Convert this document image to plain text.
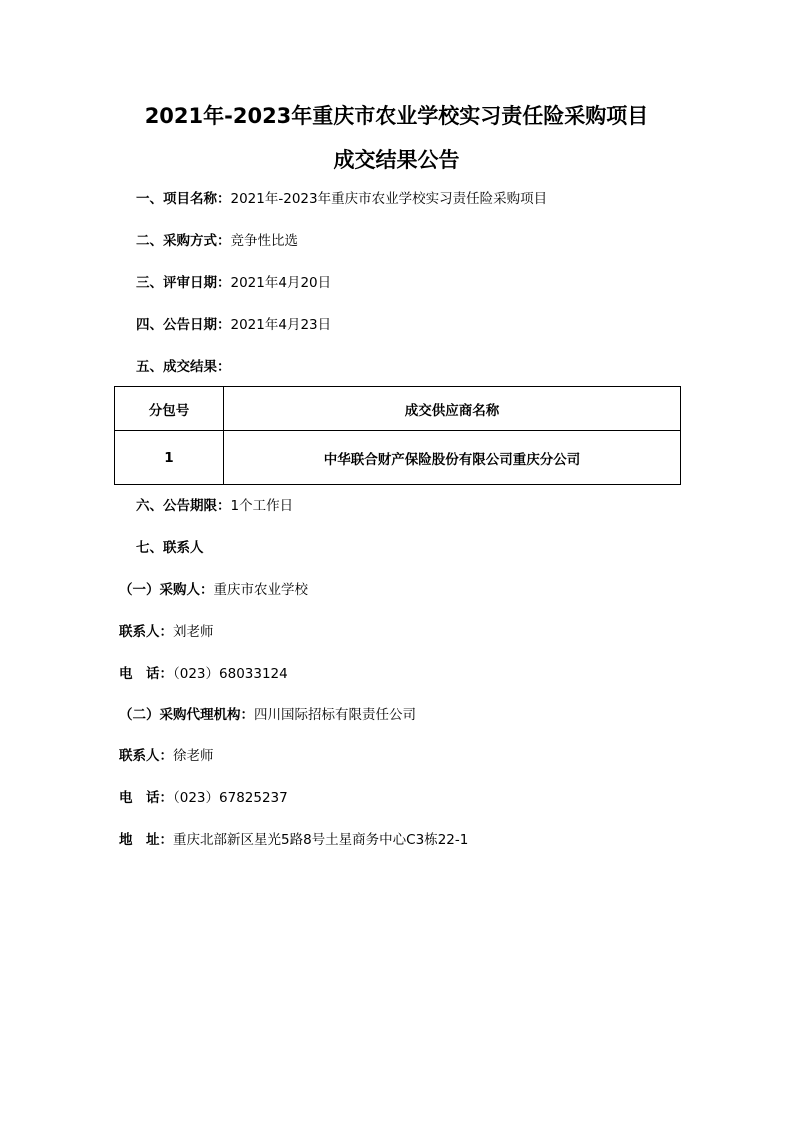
2021年-2023年重庆市农业学校实习责任险采购项目
成交结果公告
一、项目名称：2021年-2023年重庆市农业学校实习责任险采购项目
二、采购方式：竞争性比选
三、评审日期：2021年4月20日
四、公告日期：2021年4月23日
五、成交结果：
分包号	成交供应商名称
1	中华联合财产保险股份有限公司重庆分公司
六、公告期限：1个工作日
七、联系人
（一）采购人：重庆市农业学校
联系人：刘老师
电　话：（023）68033124
（二）采购代理机构：四川国际招标有限责任公司
联系人：徐老师
电　话：（023）67825237
地　址：重庆北部新区星光5路8号土星商务中心C3栋22-1
